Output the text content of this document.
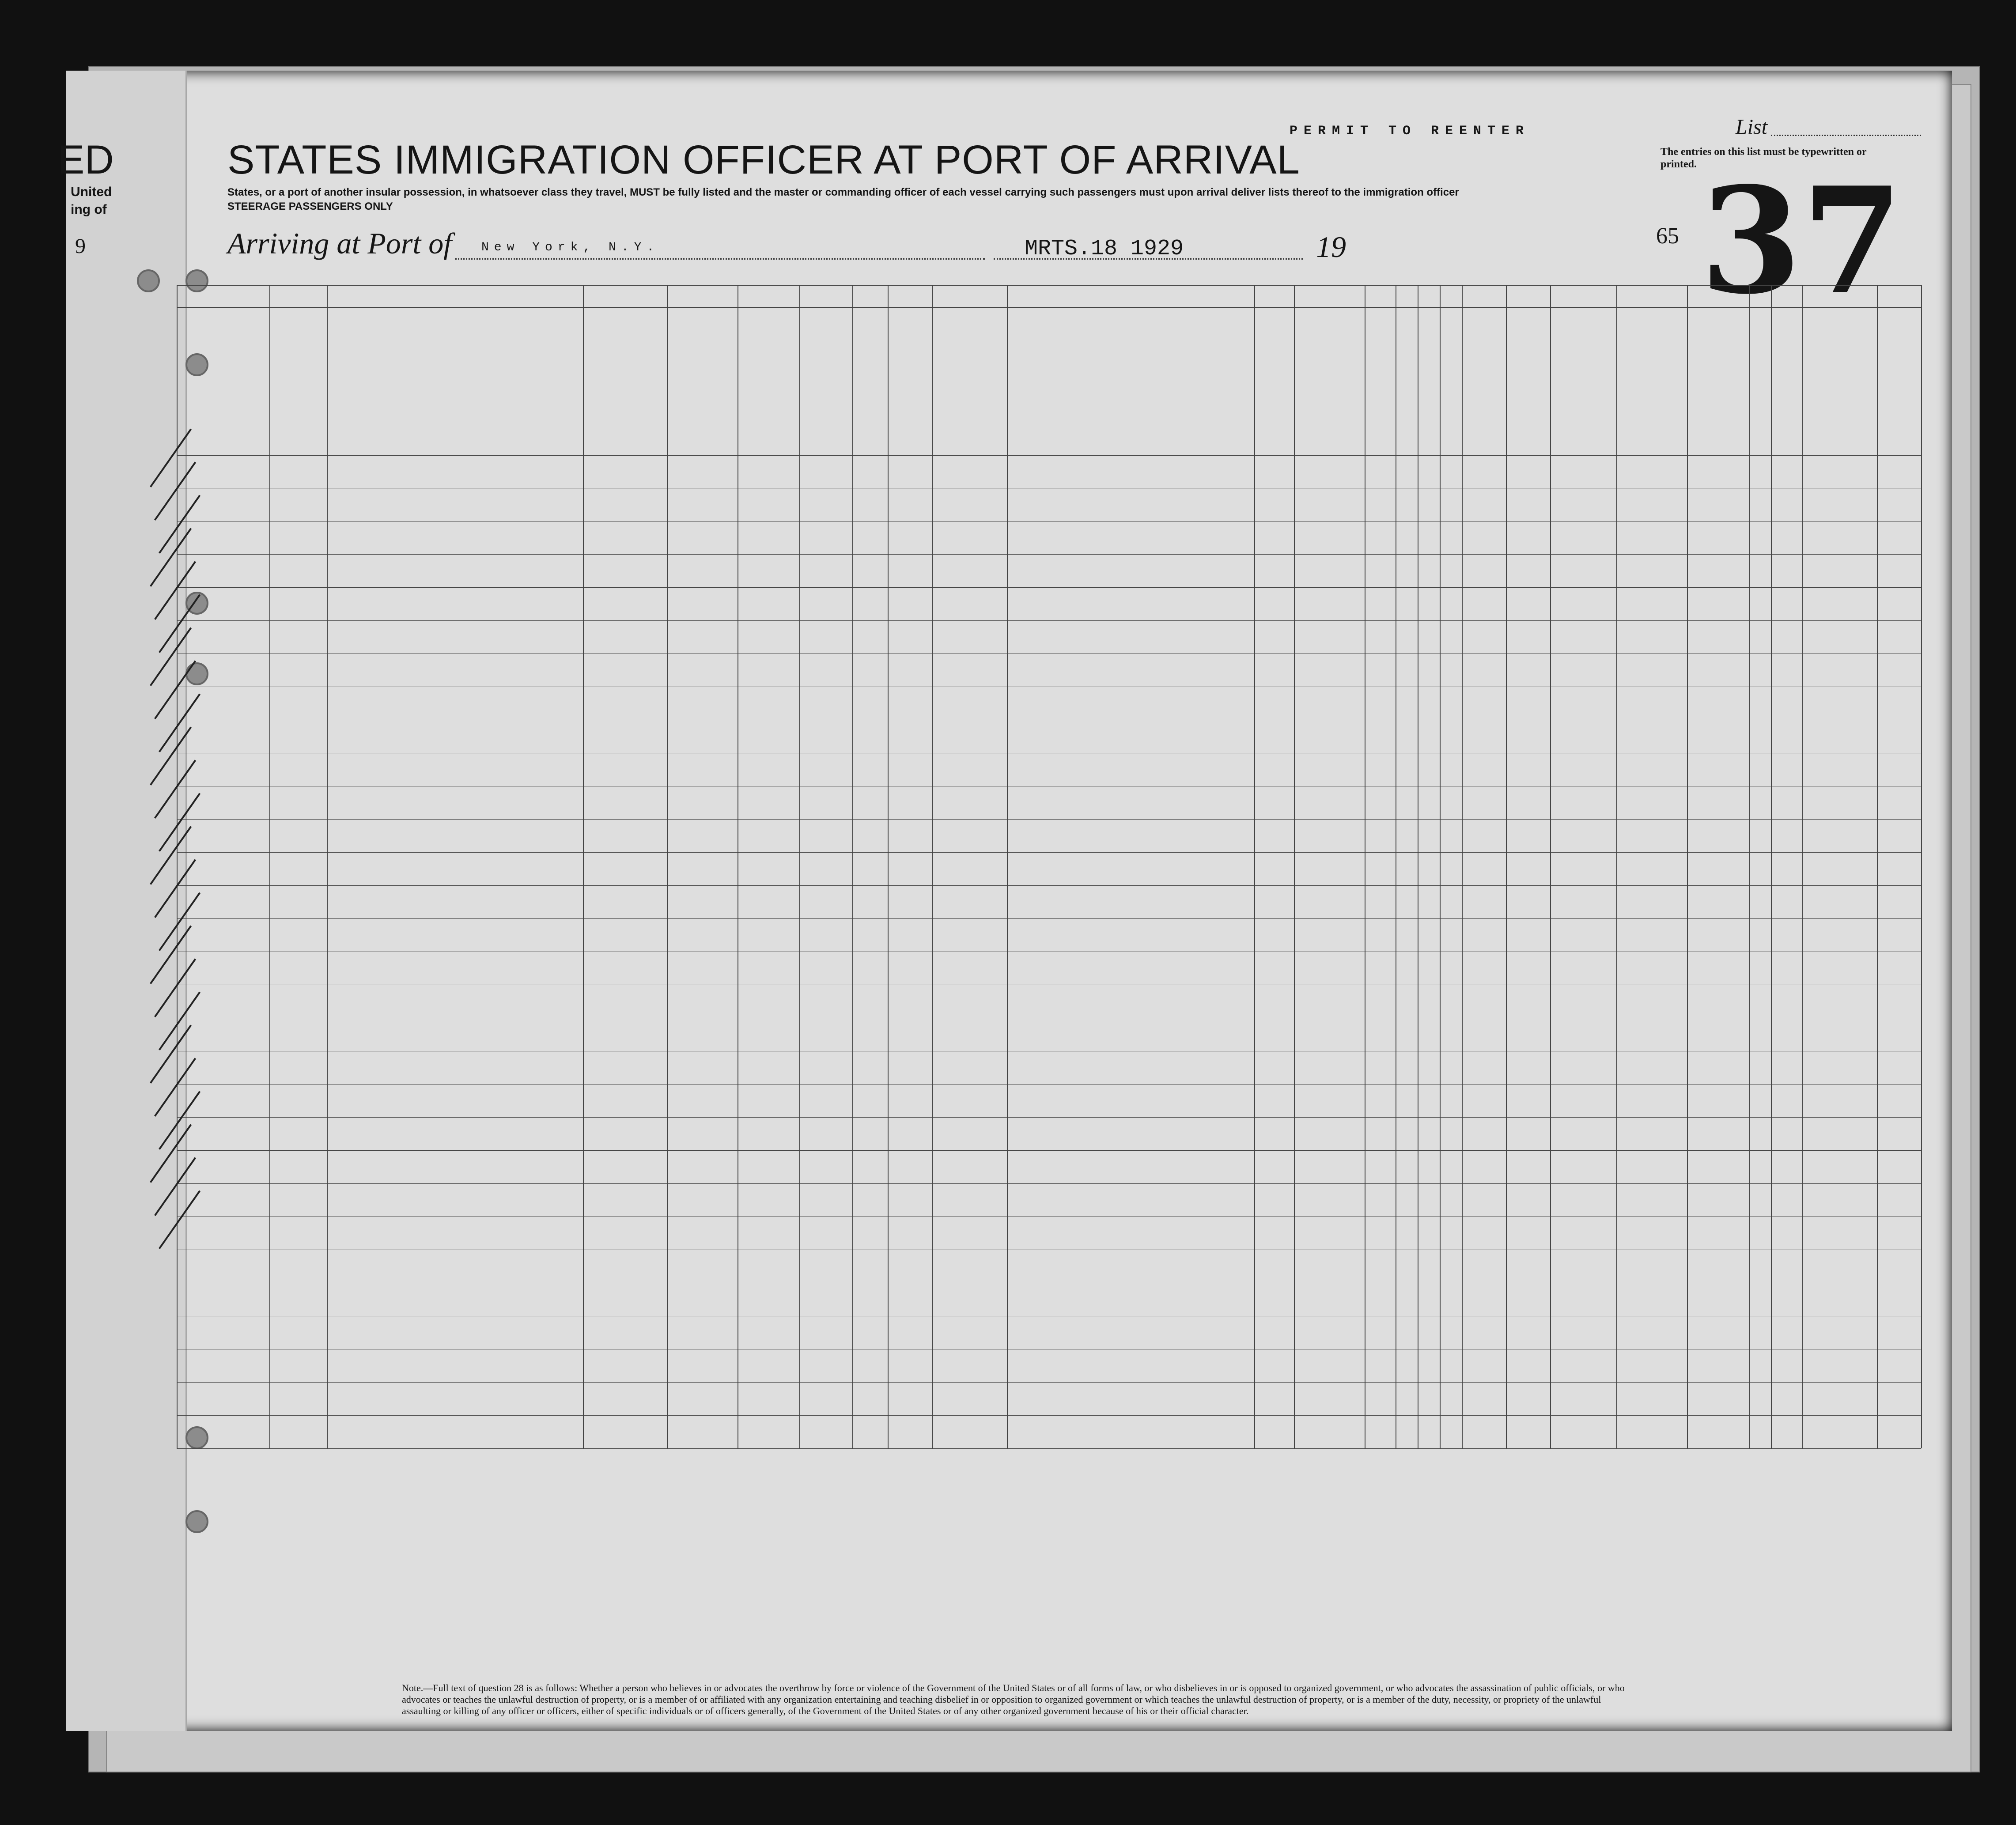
ED
United
ing of
9
STATES IMMIGRATION OFFICER AT PORT OF ARRIVAL
States, or a port of another insular possession, in whatsoever class they travel, MUST be fully listed and the master or commanding officer of each vessel carrying such passengers must upon arrival deliver lists thereof to the immigration officer
STEERAGE PASSENGERS ONLY
Arriving at Port of New York, N.Y.	MRTS.18 1929	19
PERMIT TO REENTER	List
The entries on this list must be typewritten or printed. 37
65
Note.—Full text of question 28 is as follows: Whether a person who believes in or advocates the overthrow by force or violence of the Government of the United States or of all forms of law, or who disbelieves in or is opposed to organized government, or who advocates the assassination of public officials, or who advocates or teaches the unlawful destruction of property, or is a member of or affiliated with any organization entertaining and teaching disbelief in or opposition to organized government or which teaches the unlawful destruction of property, or is a member of the duty, necessity, or propriety of the unlawful assaulting or killing of any officer or officers, either of specific individuals or of officers generally, of the Government of the United States or of any other organized government because of his or their official character.
